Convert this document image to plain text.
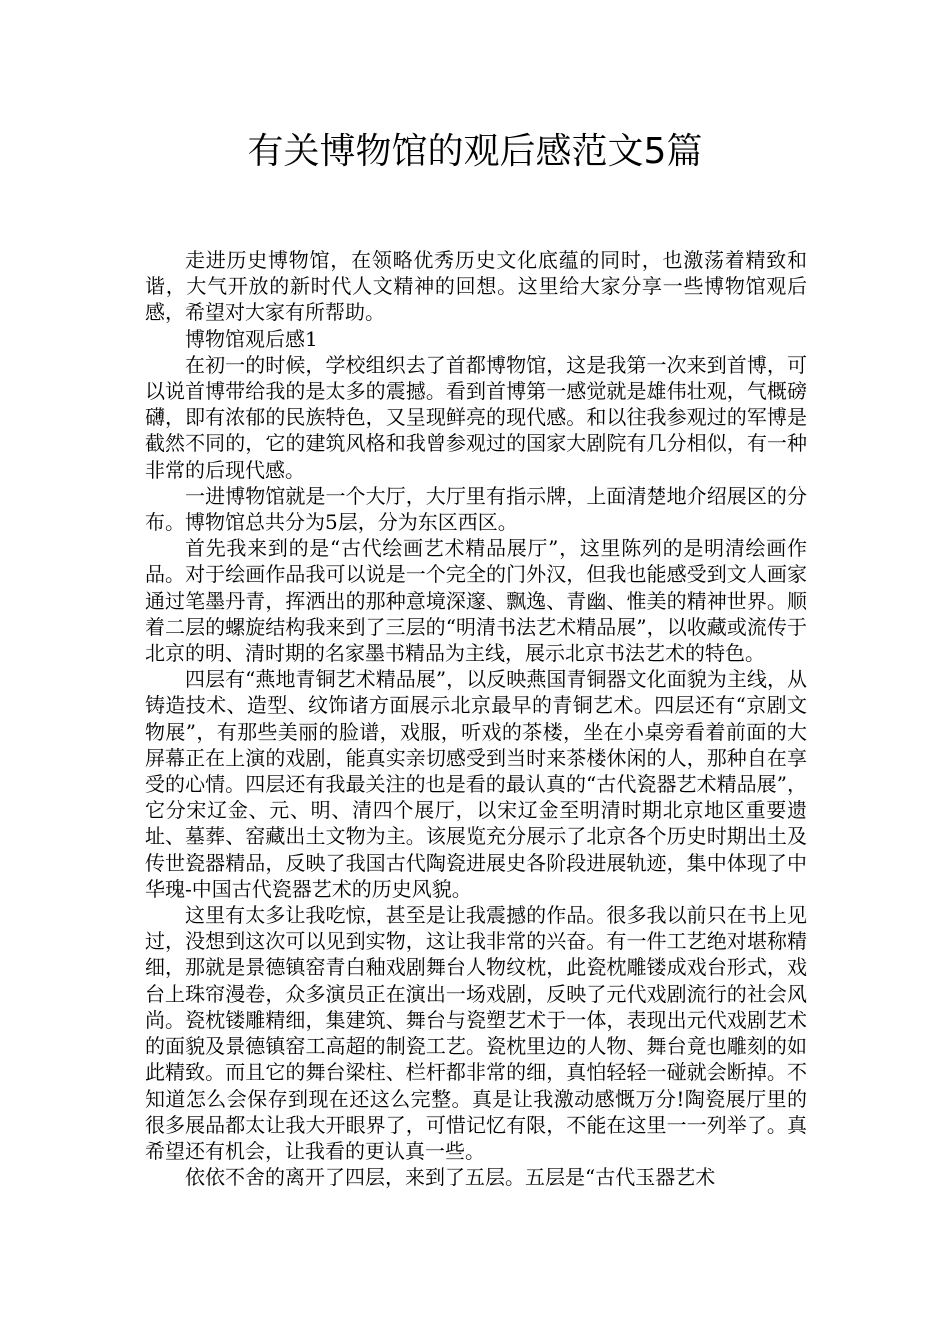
有关博物馆的观后感范文5篇

走进历史博物馆，在领略优秀历史文化底蕴的同时，也激荡着精致和谐，大气开放的新时代人文精神的回想。这里给大家分享一些博物馆观后感，希望对大家有所帮助。

博物馆观后感1

在初一的时候，学校组织去了首都博物馆，这是我第一次来到首博，可以说首博带给我的是太多的震撼。看到首博第一感觉就是雄伟壮观，气概磅礴，即有浓郁的民族特色，又呈现鲜亮的现代感。和以往我参观过的军博是截然不同的，它的建筑风格和我曾参观过的国家大剧院有几分相似，有一种非常的后现代感。

一进博物馆就是一个大厅，大厅里有指示牌，上面清楚地介绍展区的分布。博物馆总共分为5层，分为东区西区。

首先我来到的是“古代绘画艺术精品展厅”，这里陈列的是明清绘画作品。对于绘画作品我可以说是一个完全的门外汉，但我也能感受到文人画家通过笔墨丹青，挥洒出的那种意境深邃、飘逸、青幽、惟美的精神世界。顺着二层的螺旋结构我来到了三层的“明清书法艺术精品展”，以收藏或流传于北京的明、清时期的名家墨书精品为主线，展示北京书法艺术的特色。

四层有“燕地青铜艺术精品展”，以反映燕国青铜器文化面貌为主线，从铸造技术、造型、纹饰诸方面展示北京最早的青铜艺术。四层还有“京剧文物展”，有那些美丽的脸谱，戏服，听戏的茶楼，坐在小桌旁看着前面的大屏幕正在上演的戏剧，能真实亲切感受到当时来茶楼休闲的人，那种自在享受的心情。四层还有我最关注的也是看的最认真的“古代瓷器艺术精品展”，它分宋辽金、元、明、清四个展厅，以宋辽金至明清时期北京地区重要遗址、墓葬、窑藏出土文物为主。该展览充分展示了北京各个历史时期出土及传世瓷器精品，反映了我国古代陶瓷进展史各阶段进展轨迹，集中体现了中华瑰-中国古代瓷器艺术的历史风貌。

这里有太多让我吃惊，甚至是让我震撼的作品。很多我以前只在书上见过，没想到这次可以见到实物，这让我非常的兴奋。有一件工艺绝对堪称精细，那就是景德镇窑青白釉戏剧舞台人物纹枕，此瓷枕雕镂成戏台形式，戏台上珠帘漫卷，众多演员正在演出一场戏剧，反映了元代戏剧流行的社会风尚。瓷枕镂雕精细，集建筑、舞台与瓷塑艺术于一体，表现出元代戏剧艺术的面貌及景德镇窑工高超的制瓷工艺。瓷枕里边的人物、舞台竟也雕刻的如此精致。而且它的舞台梁柱、栏杆都非常的细，真怕轻轻一碰就会断掉。不知道怎么会保存到现在还这么完整。真是让我激动感慨万分!陶瓷展厅里的很多展品都太让我大开眼界了，可惜记忆有限，不能在这里一一列举了。真希望还有机会，让我看的更认真一些。

依依不舍的离开了四层，来到了五层。五层是“古代玉器艺术
